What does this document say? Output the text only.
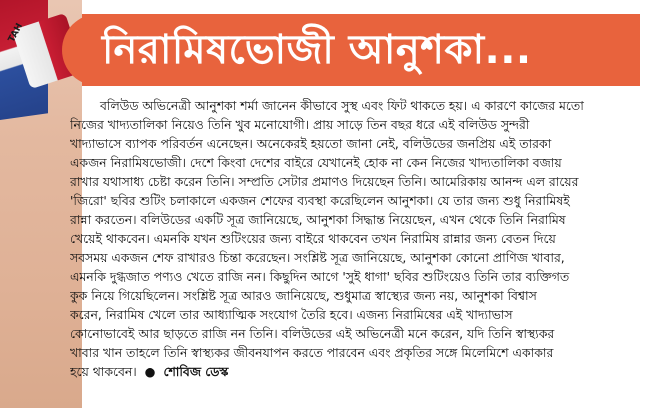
TAH নিরামিষভোজী আনুশকা...
বলিউড অভিনেত্রী আনুশকা শর্মা জানেন কীভাবে সুস্থ এবং ফিট থাকতে হয়। এ কারণে কাজের মতো
নিজের খাদ্যতালিকা নিয়েও তিনি খুব মনোযোগী। প্রায় সাড়ে তিন বছর ধরে এই বলিউড সুন্দরী
খাদ্যাভাসে ব্যাপক পরিবর্তন এনেছেন। অনেকেরই হয়তো জানা নেই, বলিউডের জনপ্রিয় এই তারকা
একজন নিরামিষভোজী। দেশে কিংবা দেশের বাইরে যেখানেই হোক না কেন নিজের খাদ্যতালিকা বজায়
রাখার যথাসাধ্য চেষ্টা করেন তিনি। সম্প্রতি সেটার প্রমাণও দিয়েছেন তিনি। আমেরিকায় আনন্দ এল রায়ের
'জিরো' ছবির শুটিং চলাকালে একজন শেফের ব্যবস্থা করেছিলেন আনুশকা। যে তার জন্য শুধু নিরামিষই
রান্না করতেন। বলিউডের একটি সূত্র জানিয়েছে, আনুশকা সিদ্ধান্ত নিয়েছেন, এখন থেকে তিনি নিরামিষ
খেয়েই থাকবেন। এমনকি যখন শুটিংয়ের জন্য বাইরে থাকবেন তখন নিরামিষ রান্নার জন্য বেতন দিয়ে
সবসময় একজন শেফ রাখারও চিন্তা করেছেন। সংশ্লিষ্ট সূত্র জানিয়েছে, আনুশকা কোনো প্রাণিজ খাবার,
এমনকি দুগ্ধজাত পণ্যও খেতে রাজি নন। কিছুদিন আগে 'সুই ধাগা' ছবির শুটিংয়েও তিনি তার ব্যক্তিগত
কুক নিয়ে গিয়েছিলেন। সংশ্লিষ্ট সূত্র আরও জানিয়েছে, শুধুমাত্র স্বাস্থ্যের জন্য নয়, আনুশকা বিশ্বাস
করেন, নিরামিষ খেলে তার আধ্যাত্মিক সংযোগ তৈরি হবে। এজন্য নিরামিষের এই খাদ্যাভাস
কোনোভাবেই আর ছাড়তে রাজি নন তিনি। বলিউডের এই অভিনেত্রী মনে করেন, যদি তিনি স্বাস্থ্যকর
খাবার খান তাহলে তিনি স্বাস্থ্যকর জীবনযাপন করতে পারবেন এবং প্রকৃতির সঙ্গে মিলেমিশে একাকার
হয়ে থাকবেন। ● শোবিজ ডেস্ক
